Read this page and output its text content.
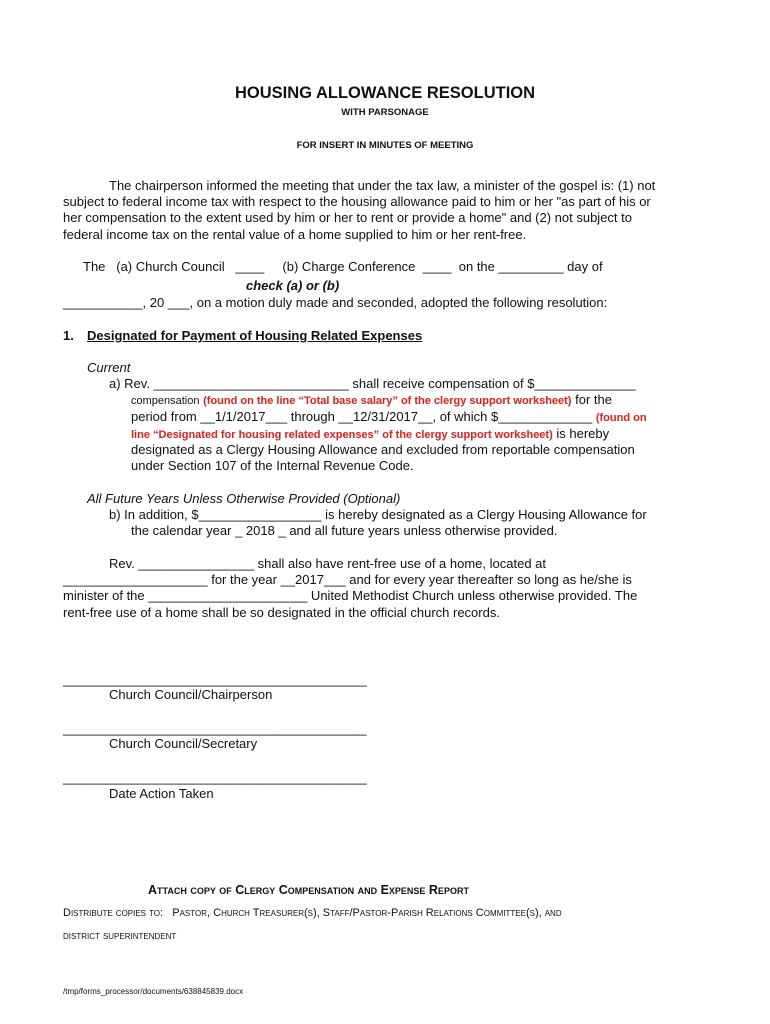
HOUSING ALLOWANCE RESOLUTION
WITH PARSONAGE
FOR INSERT IN MINUTES OF MEETING
The chairperson informed the meeting that under the tax law, a minister of the gospel is: (1) not
subject to federal income tax with respect to the housing allowance paid to him or her "as part of his or
her compensation to the extent used by him or her to rent or provide a home" and (2) not subject to
federal income tax on the rental value of a home supplied to him or her rent-free.
The   (a) Church Council   ____     (b) Charge Conference  ____  on the _________ day of
check (a) or (b)
___________, 20 ___, on a motion duly made and seconded, adopted the following resolution:
1. Designated for Payment of Housing Related Expenses
Current
a) Rev. ___________________________ shall receive compensation of $______________
compensation (found on the line “Total base salary” of the clergy support worksheet) for the
period from __1/1/2017___ through __12/31/2017__, of which $_____________ (found on
line “Designated for housing related expenses” of the clergy support worksheet) is hereby
designated as a Clergy Housing Allowance and excluded from reportable compensation
under Section 107 of the Internal Revenue Code.
All Future Years Unless Otherwise Provided (Optional)
b) In addition, $_________________ is hereby designated as a Clergy Housing Allowance for
the calendar year _ 2018 _ and all future years unless otherwise provided.
Rev. ________________ shall also have rent-free use of a home, located at
____________________ for the year __2017___ and for every year thereafter so long as he/she is
minister of the ______________________ United Methodist Church unless otherwise provided. The
rent-free use of a home shall be so designated in the official church records.
__________________________________________
Church Council/Chairperson
__________________________________________
Church Council/Secretary
__________________________________________
Date Action Taken
Attach copy of Clergy Compensation and Expense Report
Distribute copies to:   Pastor, Church Treasurer(s), Staff/Pastor-Parish Relations Committee(s), and
district superintendent
/tmp/forms_processor/documents/638845839.docx
